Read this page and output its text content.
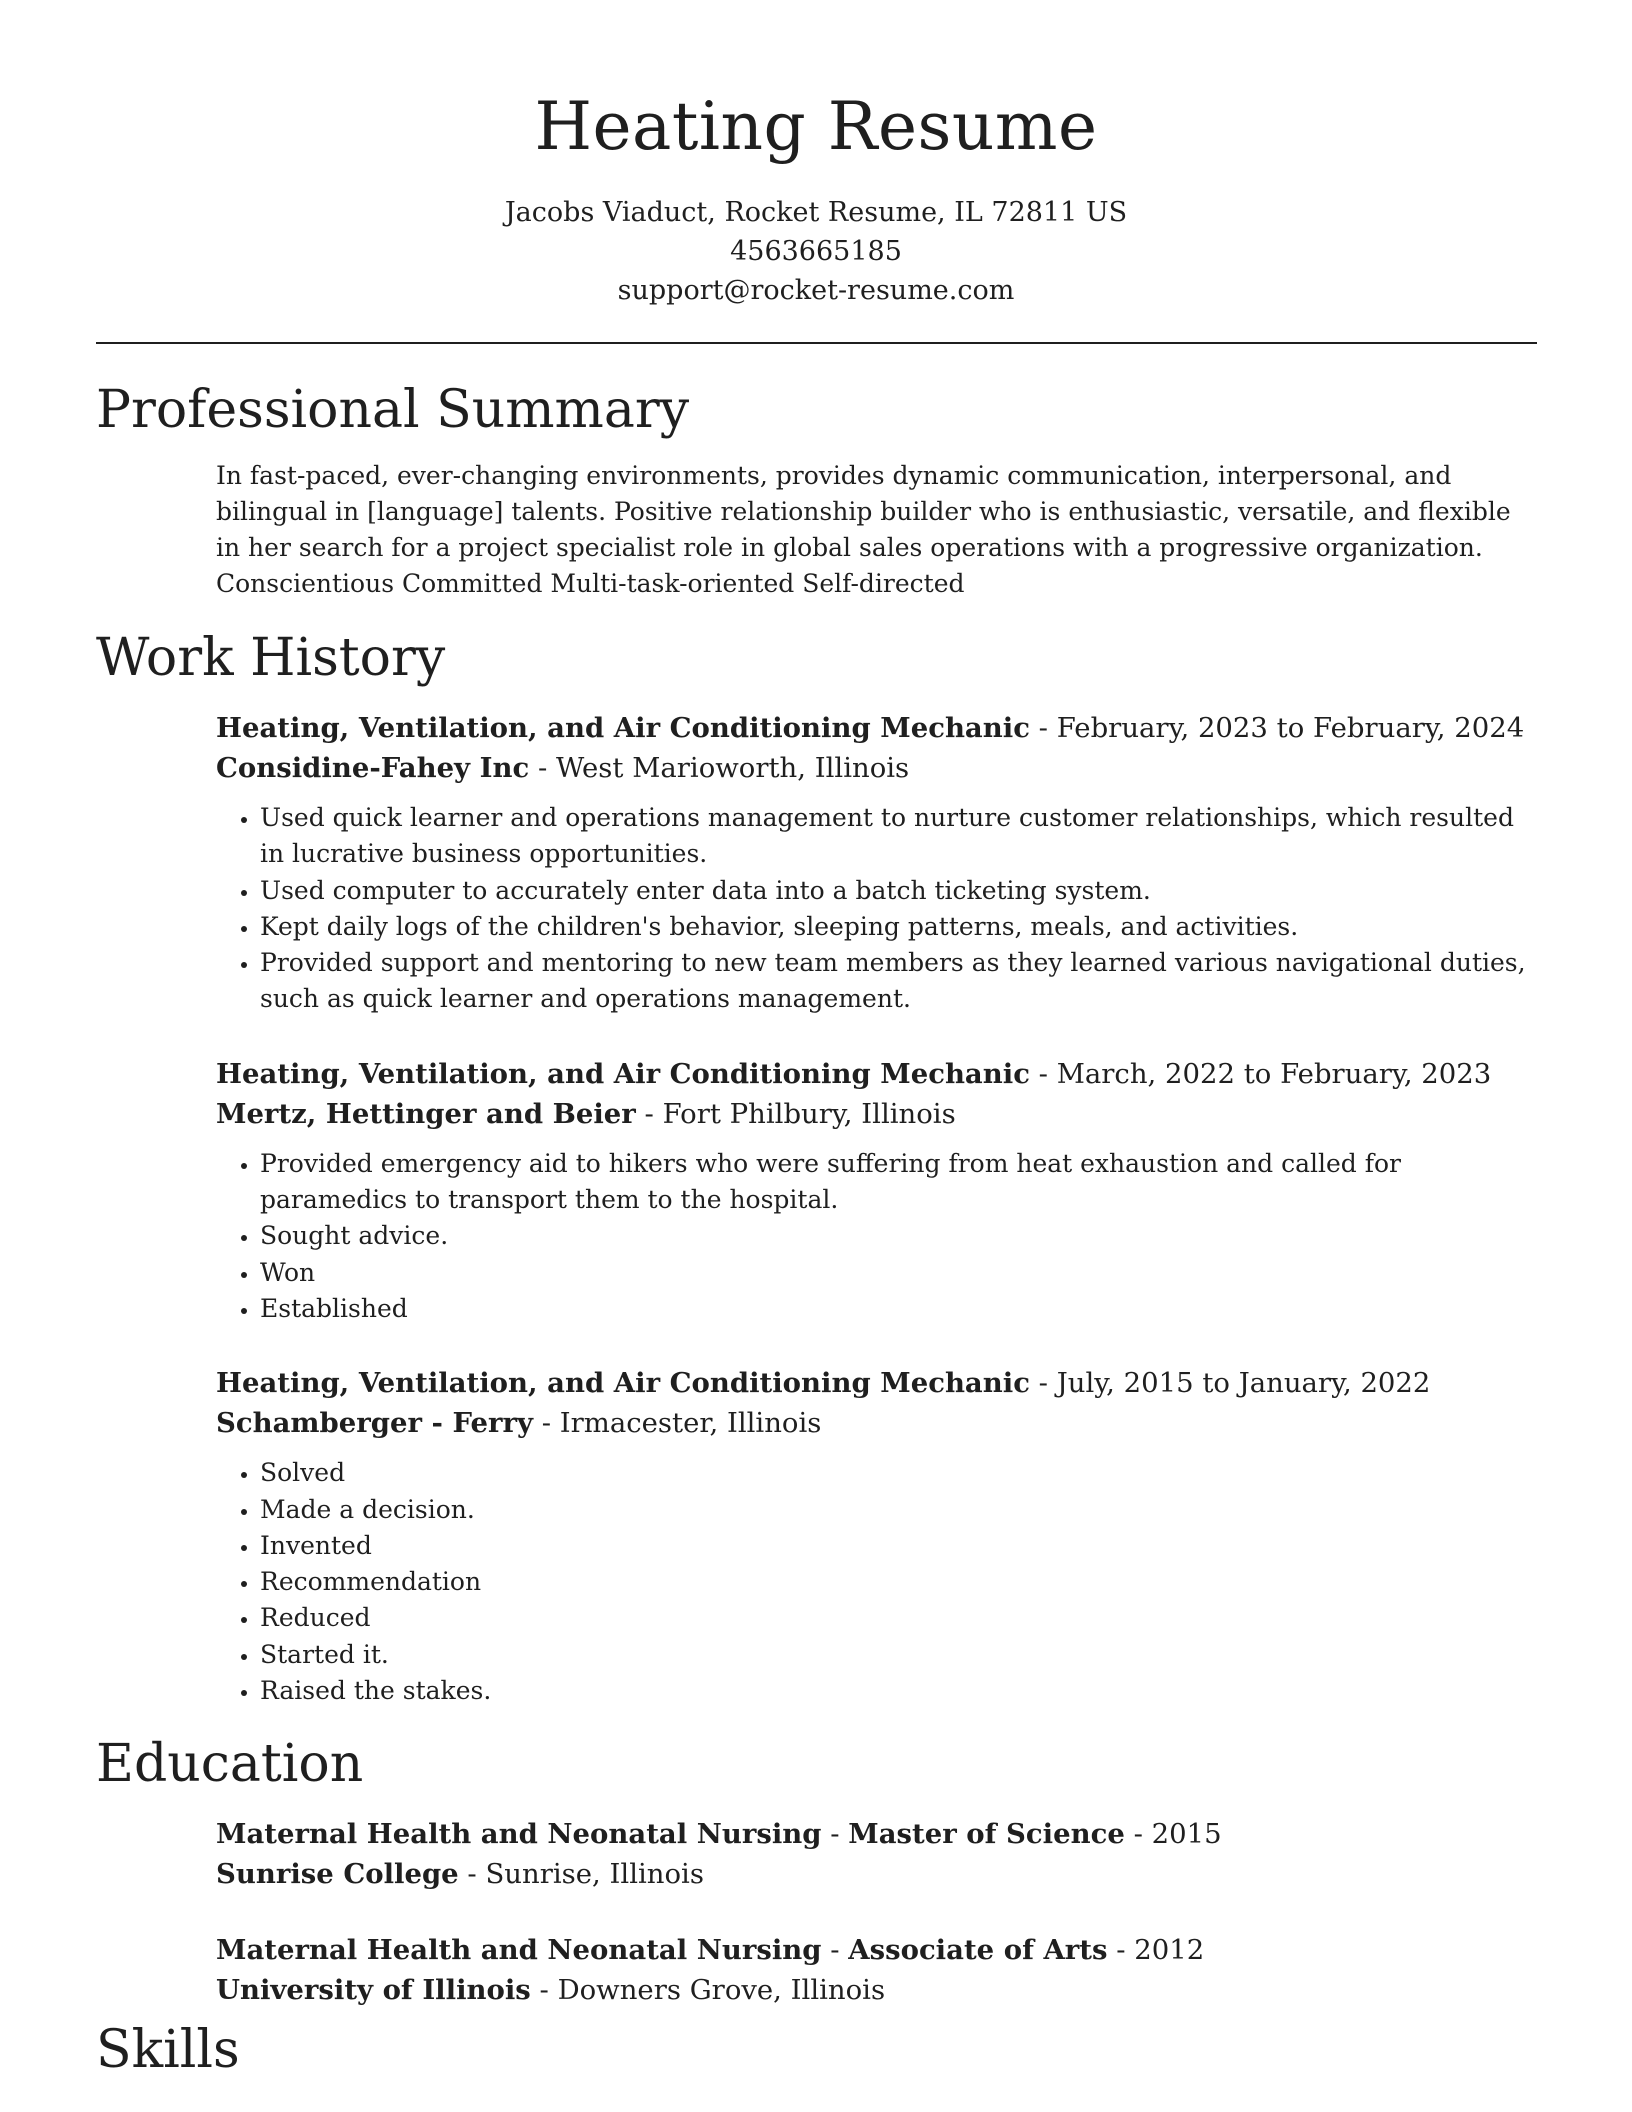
Heating Resume
Jacobs Viaduct, Rocket Resume, IL 72811 US
4563665185
support@rocket-resume.com
Professional Summary
In fast-paced, ever-changing environments, provides dynamic communication, interpersonal, and bilingual in [language] talents. Positive relationship builder who is enthusiastic, versatile, and flexible in her search for a project specialist role in global sales operations with a progressive organization. Conscientious Committed Multi-task-oriented Self-directed
Work History
Heating, Ventilation, and Air Conditioning Mechanic - February, 2023 to February, 2024
Considine-Fahey Inc - West Marioworth, Illinois
• Used quick learner and operations management to nurture customer relationships, which resulted in lucrative business opportunities.
• Used computer to accurately enter data into a batch ticketing system.
• Kept daily logs of the children's behavior, sleeping patterns, meals, and activities.
• Provided support and mentoring to new team members as they learned various navigational duties, such as quick learner and operations management.
Heating, Ventilation, and Air Conditioning Mechanic - March, 2022 to February, 2023
Mertz, Hettinger and Beier - Fort Philbury, Illinois
• Provided emergency aid to hikers who were suffering from heat exhaustion and called for paramedics to transport them to the hospital.
• Sought advice.
• Won
• Established
Heating, Ventilation, and Air Conditioning Mechanic - July, 2015 to January, 2022
Schamberger - Ferry - Irmacester, Illinois
• Solved
• Made a decision.
• Invented
• Recommendation
• Reduced
• Started it.
• Raised the stakes.
Education
Maternal Health and Neonatal Nursing - Master of Science - 2015
Sunrise College - Sunrise, Illinois
Maternal Health and Neonatal Nursing - Associate of Arts - 2012
University of Illinois - Downers Grove, Illinois
Skills
